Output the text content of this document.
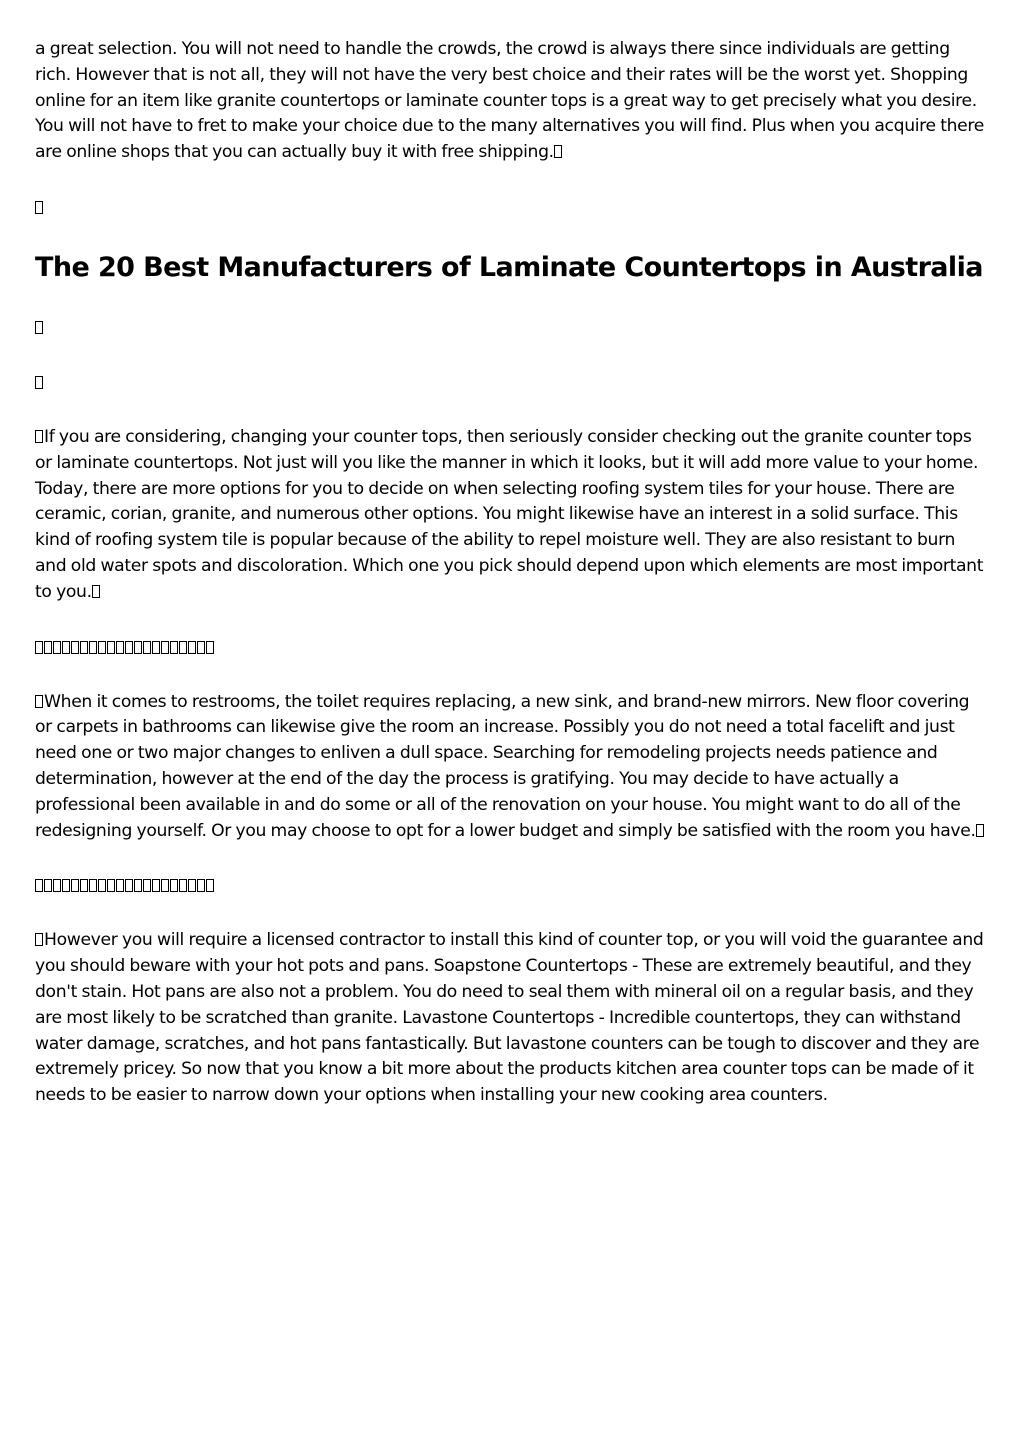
a great selection. You will not need to handle the crowds, the crowd is always there since individuals are getting rich. However that is not all, they will not have the very best choice and their rates will be the worst yet. Shopping online for an item like granite countertops or laminate counter tops is a great way to get precisely what you desire. You will not have to fret to make your choice due to the many alternatives you will find. Plus when you acquire there are online shops that you can actually buy it with free shipping.

The 20 Best Manufacturers of Laminate Countertops in Australia

If you are considering, changing your counter tops, then seriously consider checking out the granite counter tops or laminate countertops. Not just will you like the manner in which it looks, but it will add more value to your home. Today, there are more options for you to decide on when selecting roofing system tiles for your house. There are ceramic, corian, granite, and numerous other options. You might likewise have an interest in a solid surface. This kind of roofing system tile is popular because of the ability to repel moisture well. They are also resistant to burn and old water spots and discoloration. Which one you pick should depend upon which elements are most important to you.

When it comes to restrooms, the toilet requires replacing, a new sink, and brand-new mirrors. New floor covering or carpets in bathrooms can likewise give the room an increase. Possibly you do not need a total facelift and just need one or two major changes to enliven a dull space. Searching for remodeling projects needs patience and determination, however at the end of the day the process is gratifying. You may decide to have actually a professional been available in and do some or all of the renovation on your house. You might want to do all of the redesigning yourself. Or you may choose to opt for a lower budget and simply be satisfied with the room you have.

However you will require a licensed contractor to install this kind of counter top, or you will void the guarantee and you should beware with your hot pots and pans. Soapstone Countertops - These are extremely beautiful, and they don't stain. Hot pans are also not a problem. You do need to seal them with mineral oil on a regular basis, and they are most likely to be scratched than granite. Lavastone Countertops - Incredible countertops, they can withstand water damage, scratches, and hot pans fantastically. But lavastone counters can be tough to discover and they are extremely pricey. So now that you know a bit more about the products kitchen area counter tops can be made of it needs to be easier to narrow down your options when installing your new cooking area counters.
